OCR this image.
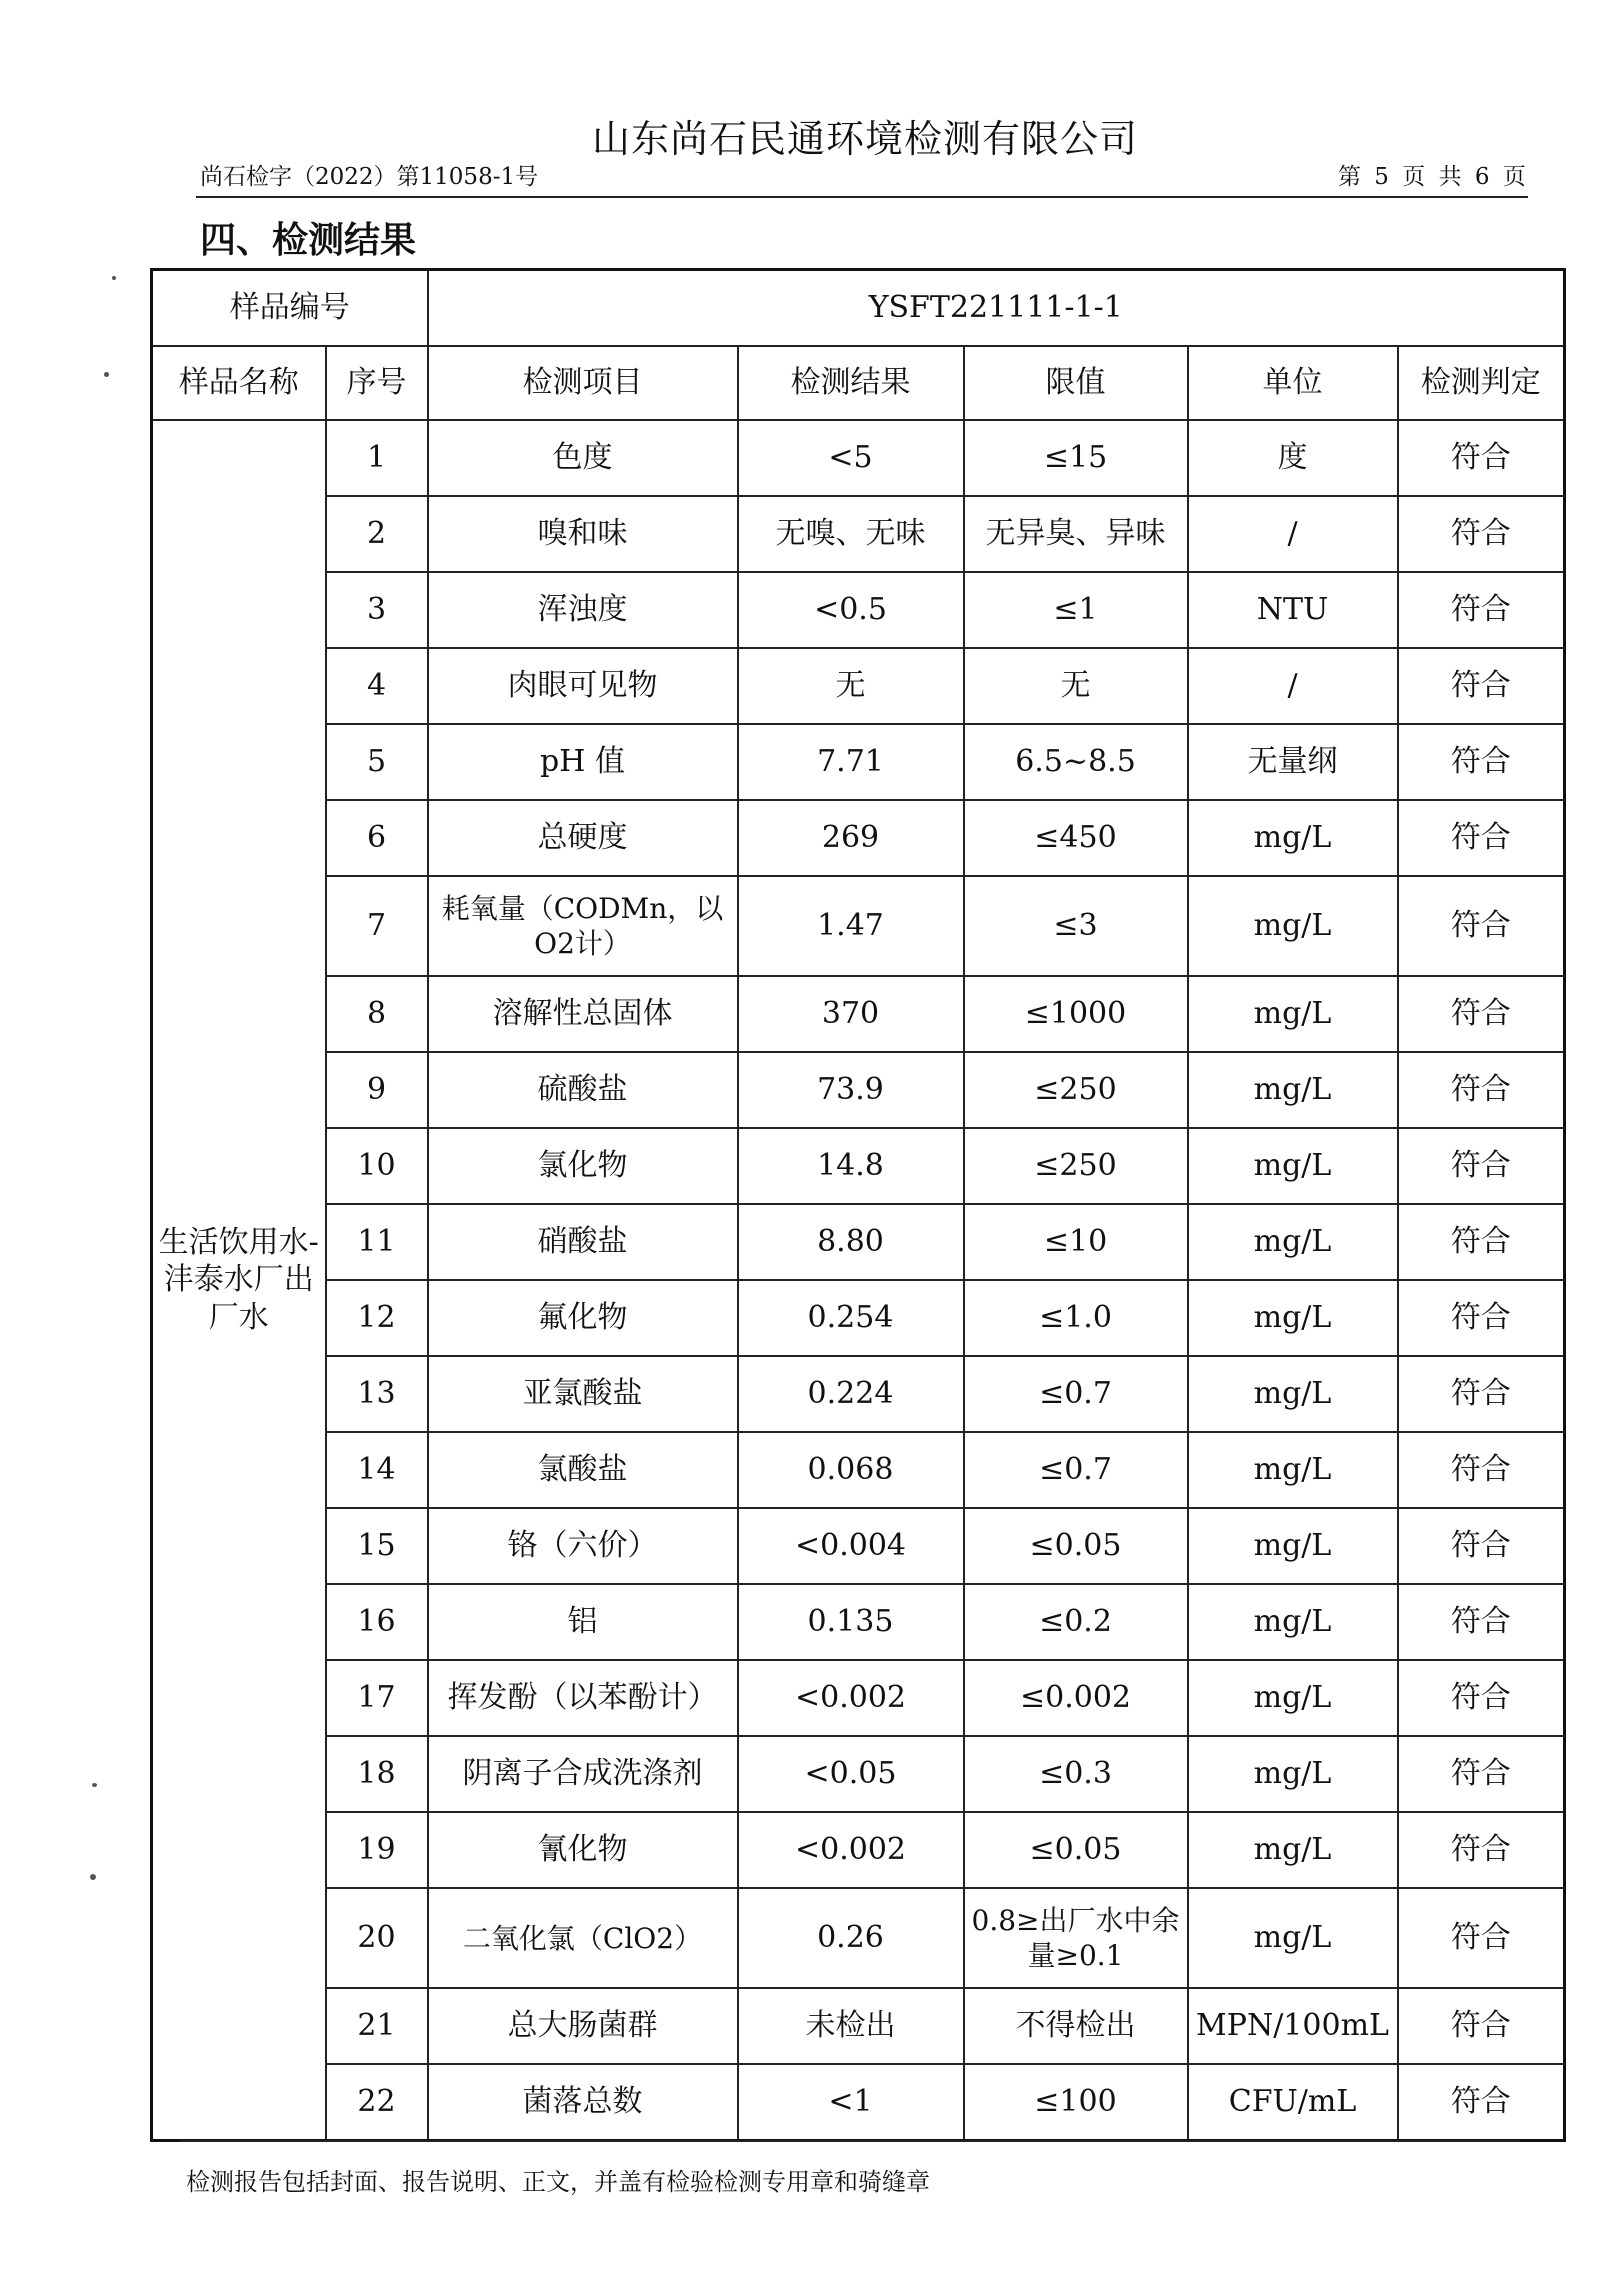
山东尚石民通环境检测有限公司
尚石检字（2022）第11058-1号	第 5 页 共 6 页
四、检测结果
样品编号		YSFT221111-1-1				
样品名称	序号	检测项目	检测结果	限值	单位	检测判定
生活饮用水-沣泰水厂出厂水	1	色度	<5	≤15	度	符合
	2	嗅和味	无嗅、无味	无异臭、异味	/	符合
	3	浑浊度	<0.5	≤1	NTU	符合
	4	肉眼可见物	无	无	/	符合
	5	pH 值	7.71	6.5~8.5	无量纲	符合
	6	总硬度	269	≤450	mg/L	符合
	7	耗氧量（CODMn，以 O2计）	1.47	≤3	mg/L	符合
	8	溶解性总固体	370	≤1000	mg/L	符合
	9	硫酸盐	73.9	≤250	mg/L	符合
	10	氯化物	14.8	≤250	mg/L	符合
	11	硝酸盐	8.80	≤10	mg/L	符合
	12	氟化物	0.254	≤1.0	mg/L	符合
	13	亚氯酸盐	0.224	≤0.7	mg/L	符合
	14	氯酸盐	0.068	≤0.7	mg/L	符合
	15	铬（六价）	<0.004	≤0.05	mg/L	符合
	16	铝	0.135	≤0.2	mg/L	符合
	17	挥发酚（以苯酚计）	<0.002	≤0.002	mg/L	符合
	18	阴离子合成洗涤剂	<0.05	≤0.3	mg/L	符合
	19	氰化物	<0.002	≤0.05	mg/L	符合
	20	二氧化氯（ClO2）	0.26	0.8≥出厂水中余量≥0.1	mg/L	符合
	21	总大肠菌群	未检出	不得检出	MPN/100mL	符合
	22	菌落总数	<1	≤100	CFU/mL	符合
检测报告包括封面、报告说明、正文，并盖有检验检测专用章和骑缝章
